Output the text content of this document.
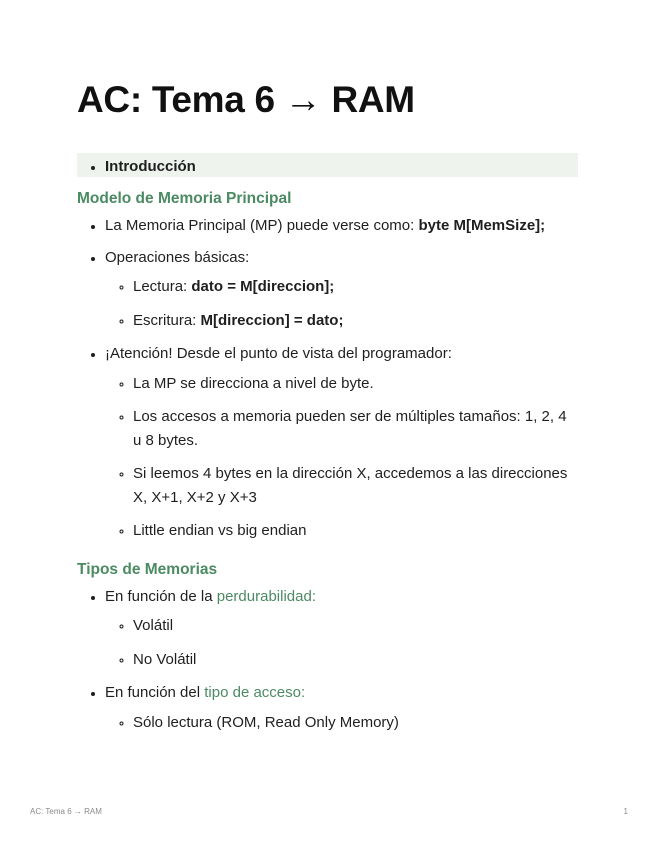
AC: Tema 6 → RAM
• Introducción
Modelo de Memoria Principal
• La Memoria Principal (MP) puede verse como: byte M[MemSize];
• Operaciones básicas:
◦ Lectura: dato = M[direccion];
◦ Escritura: M[direccion] = dato;
• ¡Atención! Desde el punto de vista del programador:
◦ La MP se direcciona a nivel de byte.
◦ Los accesos a memoria pueden ser de múltiples tamaños: 1, 2, 4 u 8 bytes.
◦ Si leemos 4 bytes en la dirección X, accedemos a las direcciones X, X+1, X+2 y X+3
◦ Little endian vs big endian
Tipos de Memorias
• En función de la perdurabilidad:
◦ Volátil
◦ No Volátil
• En función del tipo de acceso:
◦ Sólo lectura (ROM, Read Only Memory)
AC: Tema 6 → RAM	1
